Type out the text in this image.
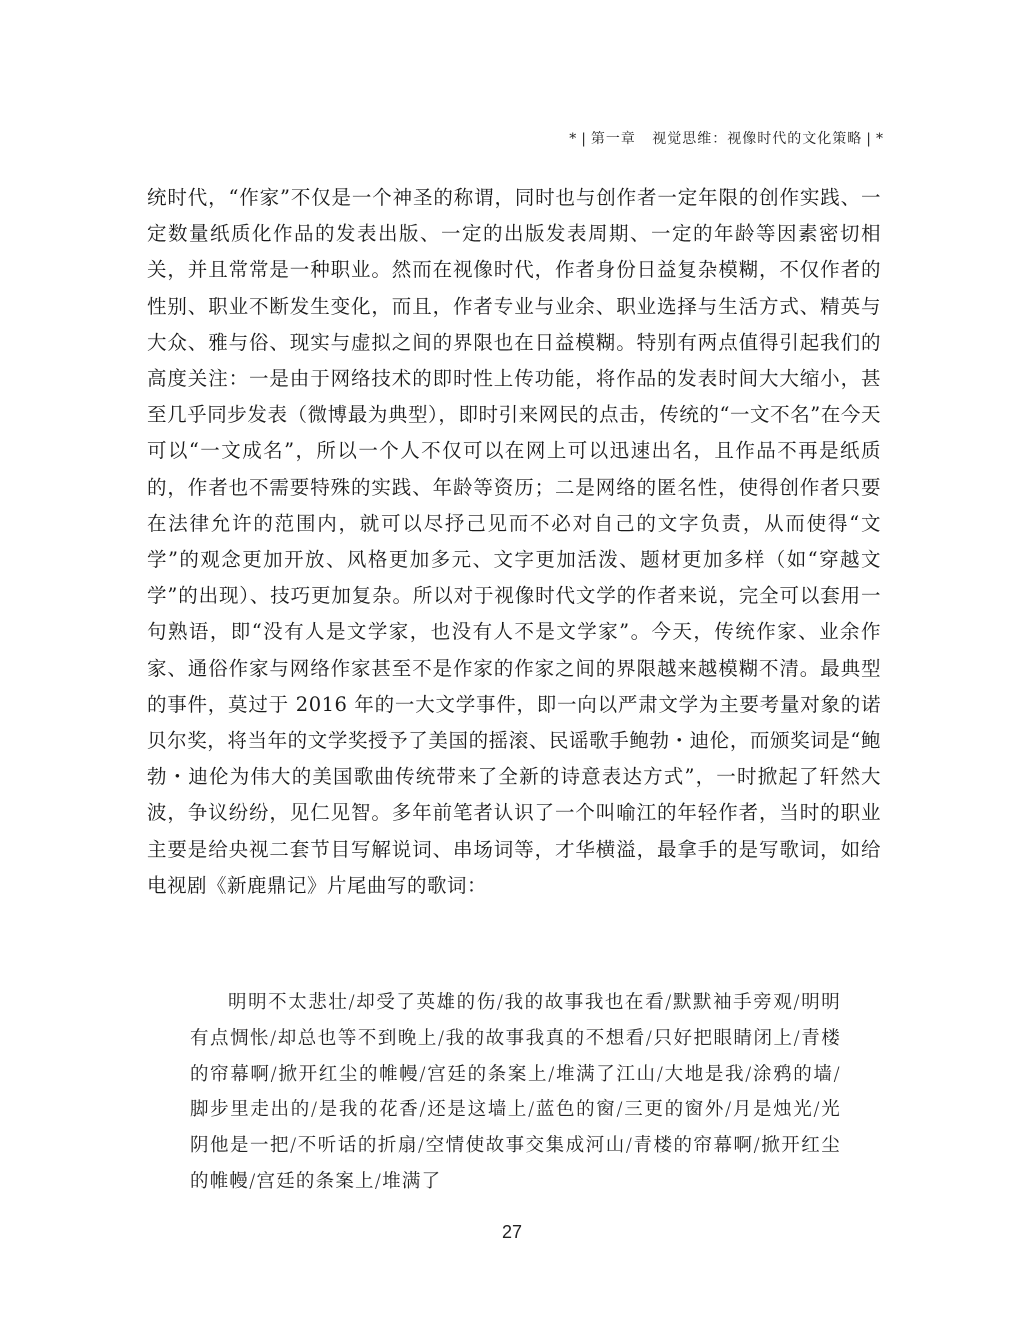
* | 第一章 视觉思维：视像时代的文化策略 | *

统时代，“作家”不仅是一个神圣的称谓，同时也与创作者一定年限的创作实践、一定数量纸质化作品的发表出版、一定的出版发表周期、一定的年龄等因素密切相关，并且常常是一种职业。然而在视像时代，作者身份日益复杂模糊，不仅作者的性别、职业不断发生变化，而且，作者专业与业余、职业选择与生活方式、精英与大众、雅与俗、现实与虚拟之间的界限也在日益模糊。特别有两点值得引起我们的高度关注：一是由于网络技术的即时性上传功能，将作品的发表时间大大缩小，甚至几乎同步发表（微博最为典型），即时引来网民的点击，传统的“一文不名”在今天可以“一文成名”，所以一个人不仅可以在网上可以迅速出名，且作品不再是纸质的，作者也不需要特殊的实践、年龄等资历；二是网络的匿名性，使得创作者只要在法律允许的范围内，就可以尽抒己见而不必对自己的文字负责，从而使得“文学”的观念更加开放、风格更加多元、文字更加活泼、题材更加多样（如“穿越文学”的出现）、技巧更加复杂。所以对于视像时代文学的作者来说，完全可以套用一句熟语，即“没有人是文学家，也没有人不是文学家”。今天，传统作家、业余作家、通俗作家与网络作家甚至不是作家的作家之间的界限越来越模糊不清。最典型的事件，莫过于 2016 年的一大文学事件，即一向以严肃文学为主要考量对象的诺贝尔奖，将当年的文学奖授予了美国的摇滚、民谣歌手鲍勃・迪伦，而颁奖词是“鲍勃・迪伦为伟大的美国歌曲传统带来了全新的诗意表达方式”，一时掀起了轩然大波，争议纷纷，见仁见智。多年前笔者认识了一个叫喻江的年轻作者，当时的职业主要是给央视二套节目写解说词、串场词等，才华横溢，最拿手的是写歌词，如给电视剧《新鹿鼎记》片尾曲写的歌词：

明明不太悲壮/却受了英雄的伤/我的故事我也在看/默默袖手旁观/明明有点惆怅/却总也等不到晚上/我的故事我真的不想看/只好把眼睛闭上/青楼的帘幕啊/掀开红尘的帷幔/宫廷的条案上/堆满了江山/大地是我/涂鸦的墙/脚步里走出的/是我的花香/还是这墙上/蓝色的窗/三更的窗外/月是烛光/光阴他是一把/不听话的折扇/空情使故事交集成河山/青楼的帘幕啊/掀开红尘的帷幔/宫廷的条案上/堆满了

27
